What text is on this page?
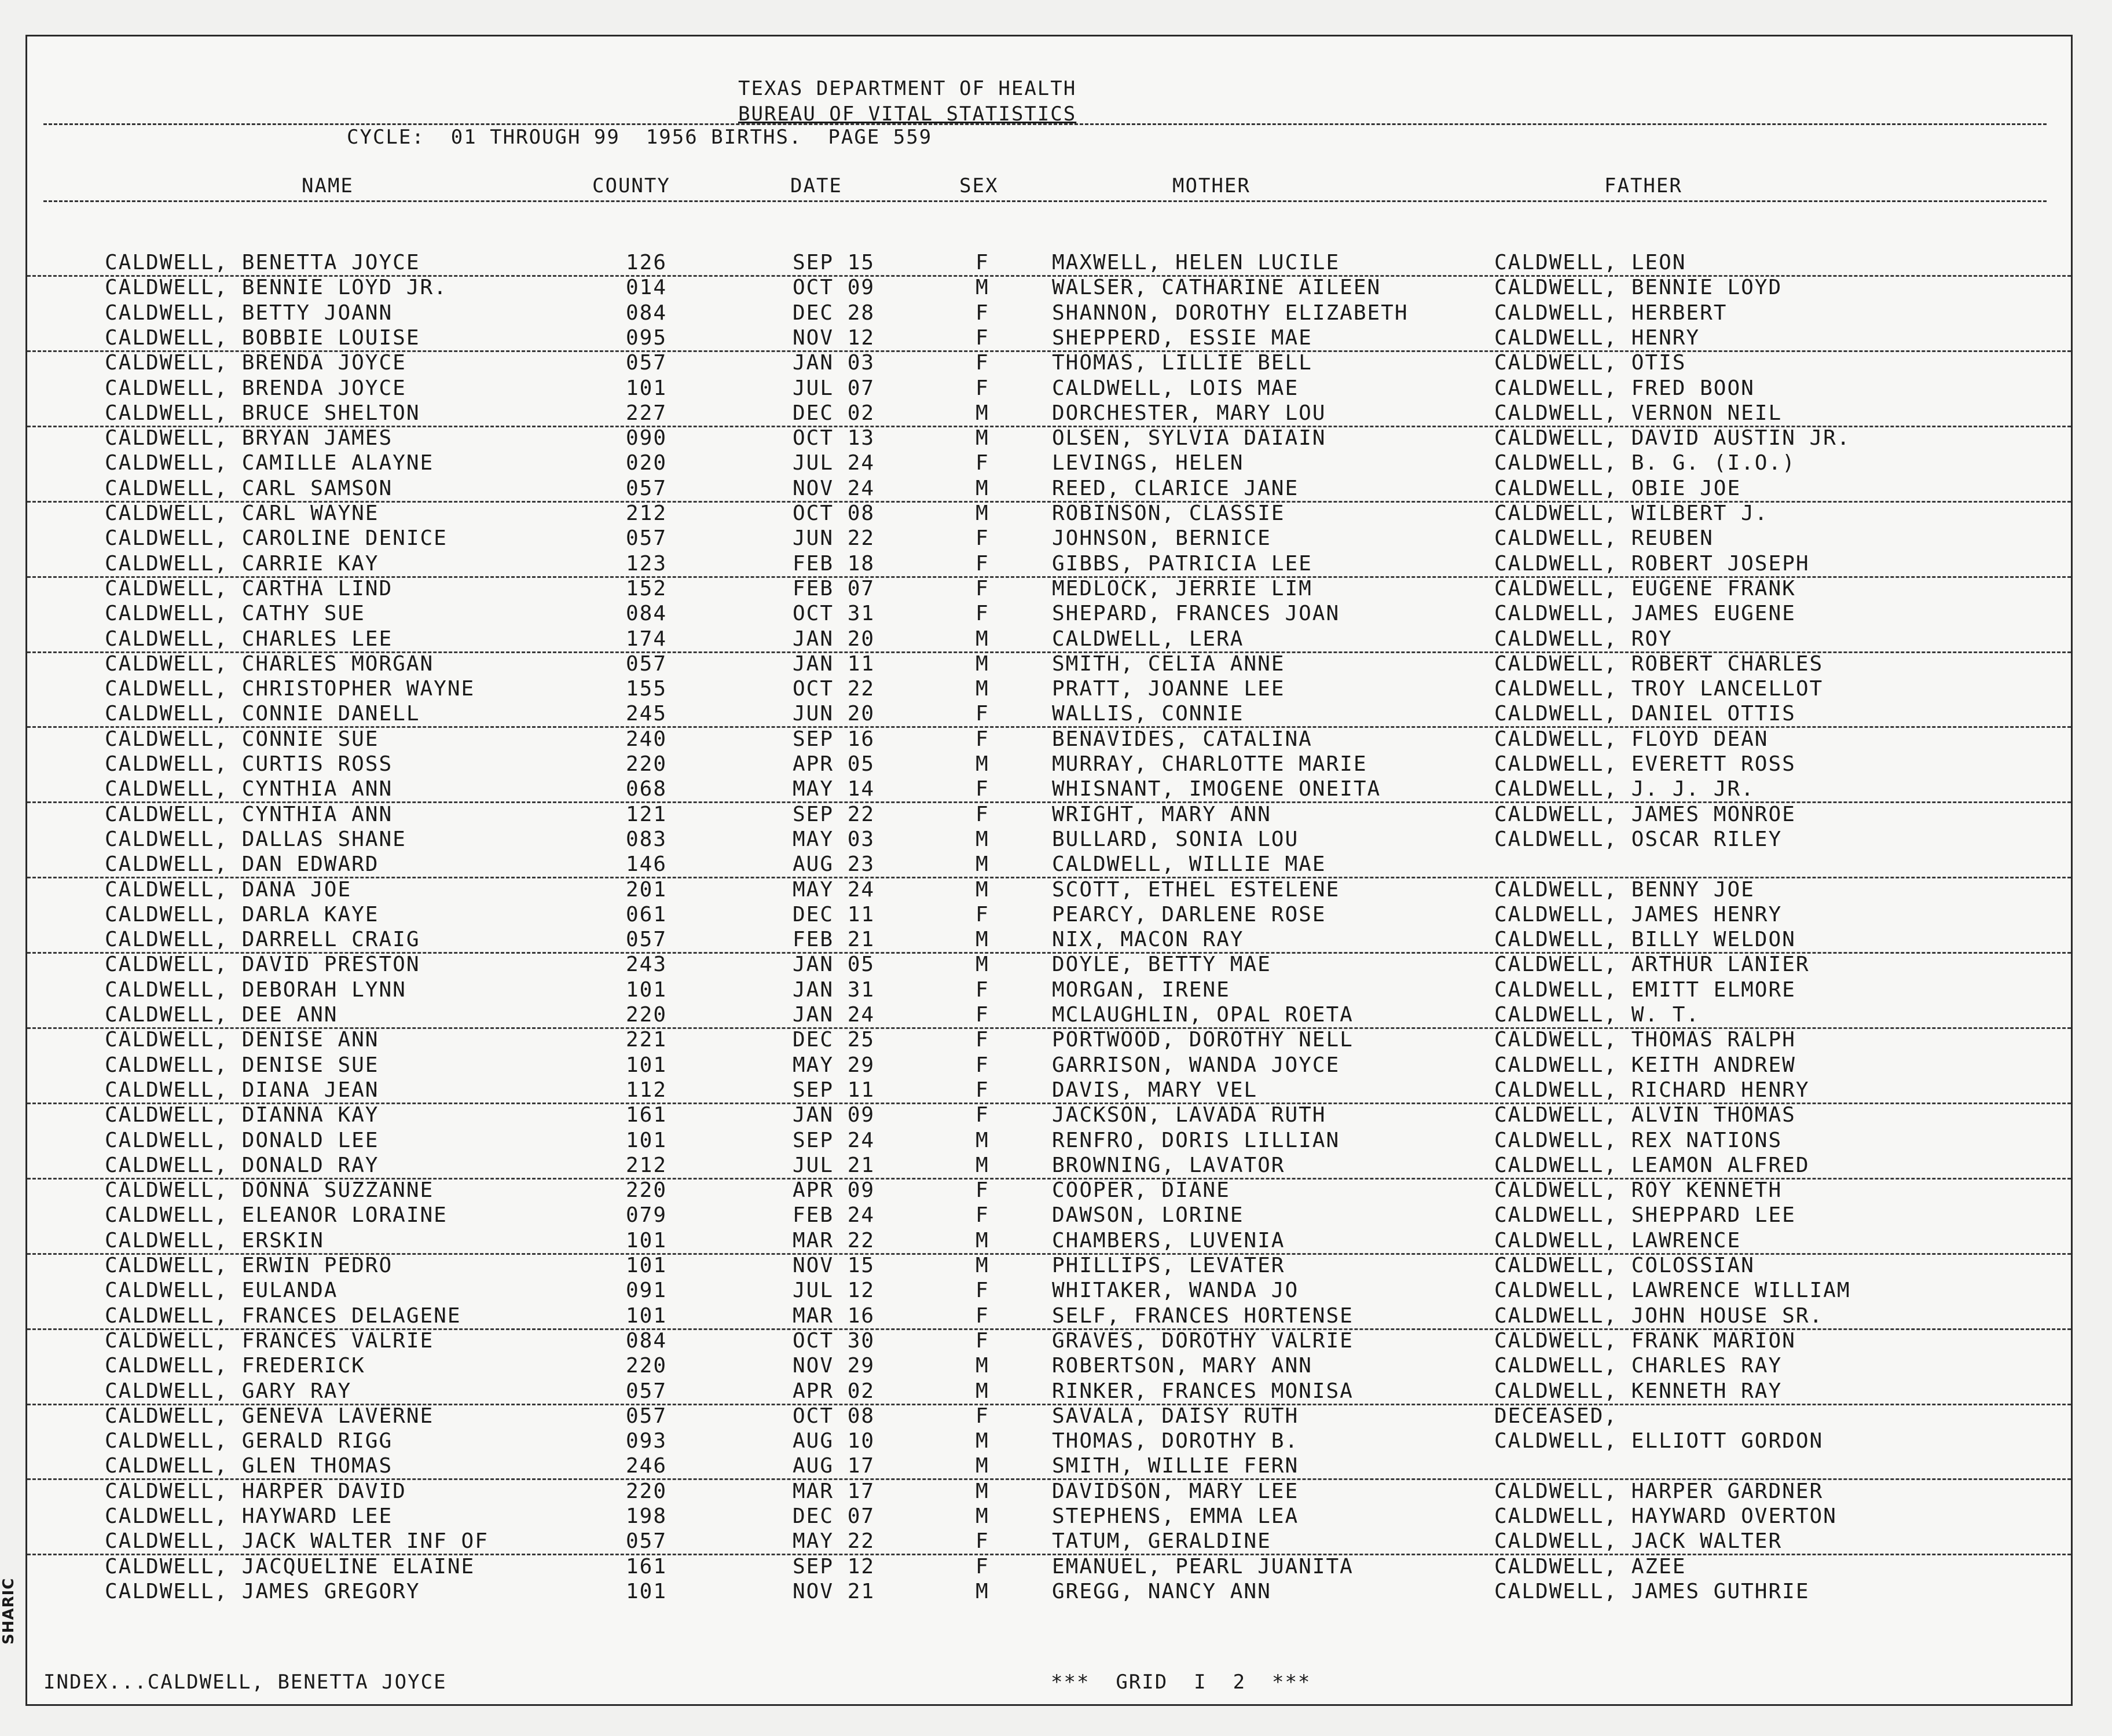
TEXAS DEPARTMENT OF HEALTH
BUREAU OF VITAL STATISTICS
CYCLE:  01 THROUGH 99  1956 BIRTHS.  PAGE 559
NAME	COUNTY	DATE	SEX	MOTHER	FATHER
CALDWELL, BENETTA JOYCE	126	SEP 15	F	MAXWELL, HELEN LUCILE	CALDWELL, LEON
CALDWELL, BENNIE LOYD JR.	014	OCT 09	M	WALSER, CATHARINE AILEEN	CALDWELL, BENNIE LOYD
CALDWELL, BETTY JOANN	084	DEC 28	F	SHANNON, DOROTHY ELIZABETH	CALDWELL, HERBERT
CALDWELL, BOBBIE LOUISE	095	NOV 12	F	SHEPPERD, ESSIE MAE	CALDWELL, HENRY
CALDWELL, BRENDA JOYCE	057	JAN 03	F	THOMAS, LILLIE BELL	CALDWELL, OTIS
CALDWELL, BRENDA JOYCE	101	JUL 07	F	CALDWELL, LOIS MAE	CALDWELL, FRED BOON
CALDWELL, BRUCE SHELTON	227	DEC 02	M	DORCHESTER, MARY LOU	CALDWELL, VERNON NEIL
CALDWELL, BRYAN JAMES	090	OCT 13	M	OLSEN, SYLVIA DAIAIN	CALDWELL, DAVID AUSTIN JR.
CALDWELL, CAMILLE ALAYNE	020	JUL 24	F	LEVINGS, HELEN	CALDWELL, B. G. (I.O.)
CALDWELL, CARL SAMSON	057	NOV 24	M	REED, CLARICE JANE	CALDWELL, OBIE JOE
CALDWELL, CARL WAYNE	212	OCT 08	M	ROBINSON, CLASSIE	CALDWELL, WILBERT J.
CALDWELL, CAROLINE DENICE	057	JUN 22	F	JOHNSON, BERNICE	CALDWELL, REUBEN
CALDWELL, CARRIE KAY	123	FEB 18	F	GIBBS, PATRICIA LEE	CALDWELL, ROBERT JOSEPH
CALDWELL, CARTHA LIND	152	FEB 07	F	MEDLOCK, JERRIE LIM	CALDWELL, EUGENE FRANK
CALDWELL, CATHY SUE	084	OCT 31	F	SHEPARD, FRANCES JOAN	CALDWELL, JAMES EUGENE
CALDWELL, CHARLES LEE	174	JAN 20	M	CALDWELL, LERA	CALDWELL, ROY
CALDWELL, CHARLES MORGAN	057	JAN 11	M	SMITH, CELIA ANNE	CALDWELL, ROBERT CHARLES
CALDWELL, CHRISTOPHER WAYNE	155	OCT 22	M	PRATT, JOANNE LEE	CALDWELL, TROY LANCELLOT
CALDWELL, CONNIE DANELL	245	JUN 20	F	WALLIS, CONNIE	CALDWELL, DANIEL OTTIS
CALDWELL, CONNIE SUE	240	SEP 16	F	BENAVIDES, CATALINA	CALDWELL, FLOYD DEAN
CALDWELL, CURTIS ROSS	220	APR 05	M	MURRAY, CHARLOTTE MARIE	CALDWELL, EVERETT ROSS
CALDWELL, CYNTHIA ANN	068	MAY 14	F	WHISNANT, IMOGENE ONEITA	CALDWELL, J. J. JR.
CALDWELL, CYNTHIA ANN	121	SEP 22	F	WRIGHT, MARY ANN	CALDWELL, JAMES MONROE
CALDWELL, DALLAS SHANE	083	MAY 03	M	BULLARD, SONIA LOU	CALDWELL, OSCAR RILEY
CALDWELL, DAN EDWARD	146	AUG 23	M	CALDWELL, WILLIE MAE
CALDWELL, DANA JOE	201	MAY 24	M	SCOTT, ETHEL ESTELENE	CALDWELL, BENNY JOE
CALDWELL, DARLA KAYE	061	DEC 11	F	PEARCY, DARLENE ROSE	CALDWELL, JAMES HENRY
CALDWELL, DARRELL CRAIG	057	FEB 21	M	NIX, MACON RAY	CALDWELL, BILLY WELDON
CALDWELL, DAVID PRESTON	243	JAN 05	M	DOYLE, BETTY MAE	CALDWELL, ARTHUR LANIER
CALDWELL, DEBORAH LYNN	101	JAN 31	F	MORGAN, IRENE	CALDWELL, EMITT ELMORE
CALDWELL, DEE ANN	220	JAN 24	F	MCLAUGHLIN, OPAL ROETA	CALDWELL, W. T.
CALDWELL, DENISE ANN	221	DEC 25	F	PORTWOOD, DOROTHY NELL	CALDWELL, THOMAS RALPH
CALDWELL, DENISE SUE	101	MAY 29	F	GARRISON, WANDA JOYCE	CALDWELL, KEITH ANDREW
CALDWELL, DIANA JEAN	112	SEP 11	F	DAVIS, MARY VEL	CALDWELL, RICHARD HENRY
CALDWELL, DIANNA KAY	161	JAN 09	F	JACKSON, LAVADA RUTH	CALDWELL, ALVIN THOMAS
CALDWELL, DONALD LEE	101	SEP 24	M	RENFRO, DORIS LILLIAN	CALDWELL, REX NATIONS
CALDWELL, DONALD RAY	212	JUL 21	M	BROWNING, LAVATOR	CALDWELL, LEAMON ALFRED
CALDWELL, DONNA SUZZANNE	220	APR 09	F	COOPER, DIANE	CALDWELL, ROY KENNETH
CALDWELL, ELEANOR LORAINE	079	FEB 24	F	DAWSON, LORINE	CALDWELL, SHEPPARD LEE
CALDWELL, ERSKIN	101	MAR 22	M	CHAMBERS, LUVENIA	CALDWELL, LAWRENCE
CALDWELL, ERWIN PEDRO	101	NOV 15	M	PHILLIPS, LEVATER	CALDWELL, COLOSSIAN
CALDWELL, EULANDA	091	JUL 12	F	WHITAKER, WANDA JO	CALDWELL, LAWRENCE WILLIAM
CALDWELL, FRANCES DELAGENE	101	MAR 16	F	SELF, FRANCES HORTENSE	CALDWELL, JOHN HOUSE SR.
CALDWELL, FRANCES VALRIE	084	OCT 30	F	GRAVES, DOROTHY VALRIE	CALDWELL, FRANK MARION
CALDWELL, FREDERICK	220	NOV 29	M	ROBERTSON, MARY ANN	CALDWELL, CHARLES RAY
CALDWELL, GARY RAY	057	APR 02	M	RINKER, FRANCES MONISA	CALDWELL, KENNETH RAY
CALDWELL, GENEVA LAVERNE	057	OCT 08	F	SAVALA, DAISY RUTH	DECEASED,
CALDWELL, GERALD RIGG	093	AUG 10	M	THOMAS, DOROTHY B.	CALDWELL, ELLIOTT GORDON
CALDWELL, GLEN THOMAS	246	AUG 17	M	SMITH, WILLIE FERN
CALDWELL, HARPER DAVID	220	MAR 17	M	DAVIDSON, MARY LEE	CALDWELL, HARPER GARDNER
CALDWELL, HAYWARD LEE	198	DEC 07	M	STEPHENS, EMMA LEA	CALDWELL, HAYWARD OVERTON
CALDWELL, JACK WALTER INF OF	057	MAY 22	F	TATUM, GERALDINE	CALDWELL, JACK WALTER
CALDWELL, JACQUELINE ELAINE	161	SEP 12	F	EMANUEL, PEARL JUANITA	CALDWELL, AZEE
CALDWELL, JAMES GREGORY	101	NOV 21	M	GREGG, NANCY ANN	CALDWELL, JAMES GUTHRIE
INDEX...CALDWELL, BENETTA JOYCE	***  GRID  I  2  ***
SHARIC
